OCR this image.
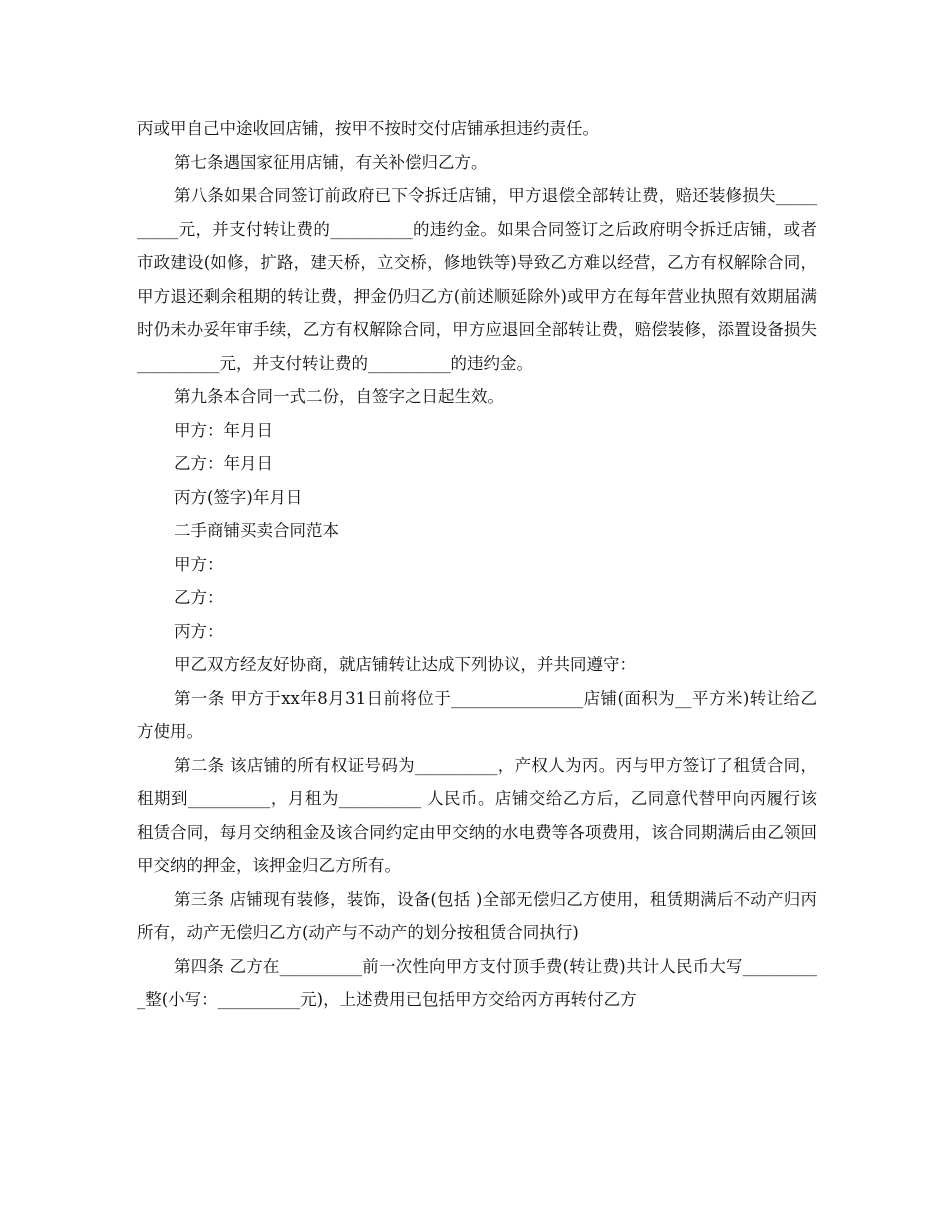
丙或甲自己中途收回店铺，按甲不按时交付店铺承担违约责任。

第七条遇国家征用店铺，有关补偿归乙方。

第八条如果合同签订前政府已下令拆迁店铺，甲方退偿全部转让费，赔还装修损失__________元，并支付转让费的__________的违约金。如果合同签订之后政府明令拆迁店铺，或者市政建设(如修，扩路，建天桥，立交桥，修地铁等)导致乙方难以经营，乙方有权解除合同，甲方退还剩余租期的转让费，押金仍归乙方(前述顺延除外)或甲方在每年营业执照有效期届满时仍未办妥年审手续，乙方有权解除合同，甲方应退回全部转让费，赔偿装修，添置设备损失__________元，并支付转让费的__________的违约金。

第九条本合同一式二份，自签字之日起生效。

甲方：年月日

乙方：年月日

丙方(签字)年月日

二手商铺买卖合同范本

甲方：

乙方：

丙方：

甲乙双方经友好协商，就店铺转让达成下列协议，并共同遵守：

第一条 甲方于xx年8月31日前将位于________________店铺(面积为__平方米)转让给乙方使用。

第二条 该店铺的所有权证号码为__________，产权人为丙。丙与甲方签订了租赁合同，租期到__________，月租为__________ 人民币。店铺交给乙方后，乙同意代替甲向丙履行该租赁合同，每月交纳租金及该合同约定由甲交纳的水电费等各项费用，该合同期满后由乙领回甲交纳的押金，该押金归乙方所有。

第三条 店铺现有装修，装饰，设备(包括 )全部无偿归乙方使用，租赁期满后不动产归丙所有，动产无偿归乙方(动产与不动产的划分按租赁合同执行)

第四条 乙方在__________前一次性向甲方支付顶手费(转让费)共计人民币大写__________整(小写：__________元)，上述费用已包括甲方交给丙方再转付乙方
